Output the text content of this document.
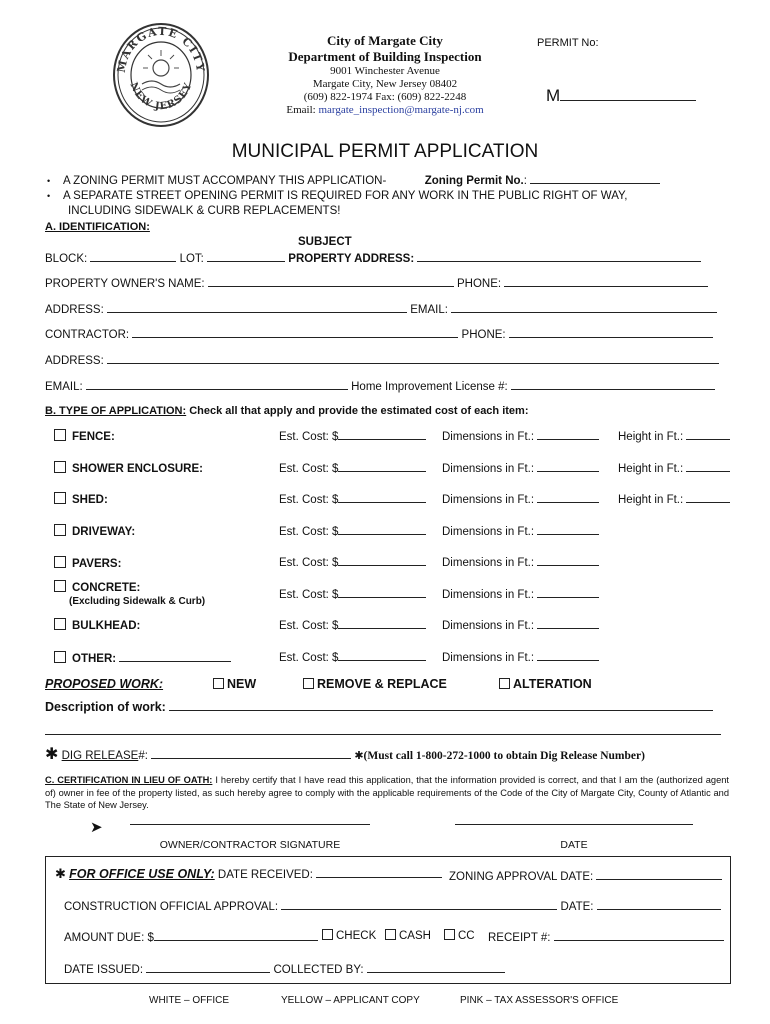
MARGATE CITY
NEW JERSEY
City of Margate City
Department of Building Inspection
9001 Winchester Avenue
Margate City, New Jersey 08402
(609) 822-1974 Fax: (609) 822-2248
Email: margate_inspection@margate-nj.com
PERMIT No:
M
MUNICIPAL PERMIT APPLICATION
• A ZONING PERMIT MUST ACCOMPANY THIS APPLICATION-	Zoning Permit No.:
• A SEPARATE STREET OPENING PERMIT IS REQUIRED FOR ANY WORK IN THE PUBLIC RIGHT OF WAY,
INCLUDING SIDEWALK & CURB REPLACEMENTS!
A. IDENTIFICATION:
SUBJECT
BLOCK:	LOT:	PROPERTY ADDRESS:
PROPERTY OWNER'S NAME:	PHONE:
ADDRESS:	EMAIL:
CONTRACTOR:	PHONE:
ADDRESS:
EMAIL:	Home Improvement License #:
B. TYPE OF APPLICATION: Check all that apply and provide the estimated cost of each item:
FENCE:	Est. Cost: $	Dimensions in Ft.:	Height in Ft.:
SHOWER ENCLOSURE:	Est. Cost: $	Dimensions in Ft.:	Height in Ft.:
SHED:	Est. Cost: $	Dimensions in Ft.:	Height in Ft.:
DRIVEWAY:	Est. Cost: $	Dimensions in Ft.:
PAVERS:	Est. Cost: $	Dimensions in Ft.:
CONCRETE:
(Excluding Sidewalk & Curb)
Est. Cost: $	Dimensions in Ft.:
BULKHEAD:	Est. Cost: $	Dimensions in Ft.:
OTHER:	Est. Cost: $	Dimensions in Ft.:
PROPOSED WORK:	NEW	REMOVE & REPLACE	ALTERATION
Description of work:
✱ DIG RELEASE#:	✱(Must call 1-800-272-1000 to obtain Dig Release Number)
C. CERTIFICATION IN LIEU OF OATH: I hereby certify that I have read this application, that the information provided is correct, and that I am the (authorized agent of) owner in fee of the property listed, as such hereby agree to comply with the applicable requirements of the Code of the City of Margate City, County of Atlantic and The State of New Jersey.
➤
OWNER/CONTRACTOR SIGNATURE	DATE
✱ FOR OFFICE USE ONLY: DATE RECEIVED:	ZONING APPROVAL DATE:
CONSTRUCTION OFFICIAL APPROVAL:	DATE:
AMOUNT DUE: $	CHECK	CASH	CC RECEIPT #:
DATE ISSUED:	COLLECTED BY:
WHITE – OFFICE	YELLOW – APPLICANT COPY	PINK – TAX ASSESSOR'S OFFICE
